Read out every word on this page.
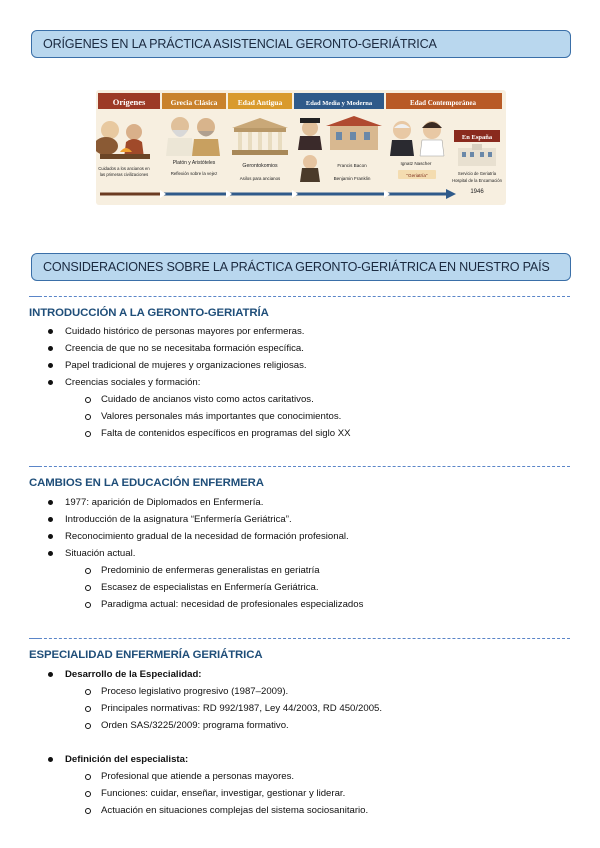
ORÍGENES EN LA PRÁCTICA ASISTENCIAL GERONTO-GERIÁTRICA
Orígenes	Grecia Clásica	Edad Antigua	Edad Media y Moderna	Edad Contemporánea
Cuidados a los ancianos en
las primeras civilizaciones
Platón y Aristóteles
Reflexión sobre la vejez
Gerontokomios
Asilos para ancianos
Francis Bacon
Benjamin Franklin
Ignatz Nascher
"Geriatría"
En España
Servicio de Geriatría
Hospital de la Encarnación
1946
CONSIDERACIONES SOBRE LA PRÁCTICA GERONTO-GERIÁTRICA EN NUESTRO PAÍS
INTRODUCCIÓN A LA GERONTO-GERIATRÍA
Cuidado histórico de personas mayores por enfermeras.
Creencia de que no se necesitaba formación específica.
Papel tradicional de mujeres y organizaciones religiosas.
Creencias sociales y formación:
Cuidado de ancianos visto como actos caritativos.
Valores personales más importantes que conocimientos.
Falta de contenidos específicos en programas del siglo XX
CAMBIOS EN LA EDUCACIÓN ENFERMERA
1977: aparición de Diplomados en Enfermería.
Introducción de la asignatura “Enfermería Geriátrica”.
Reconocimiento gradual de la necesidad de formación profesional.
Situación actual.
Predominio de enfermeras generalistas en geriatría
Escasez de especialistas en Enfermería Geriátrica.
Paradigma actual: necesidad de profesionales especializados
ESPECIALIDAD ENFERMERÍA GERIÁTRICA
Desarrollo de la Especialidad:
Proceso legislativo progresivo (1987–2009).
Principales normativas: RD 992/1987, Ley 44/2003, RD 450/2005.
Orden SAS/3225/2009: programa formativo.
Definición del especialista:
Profesional que atiende a personas mayores.
Funciones: cuidar, enseñar, investigar, gestionar y liderar.
Actuación en situaciones complejas del sistema sociosanitario.
